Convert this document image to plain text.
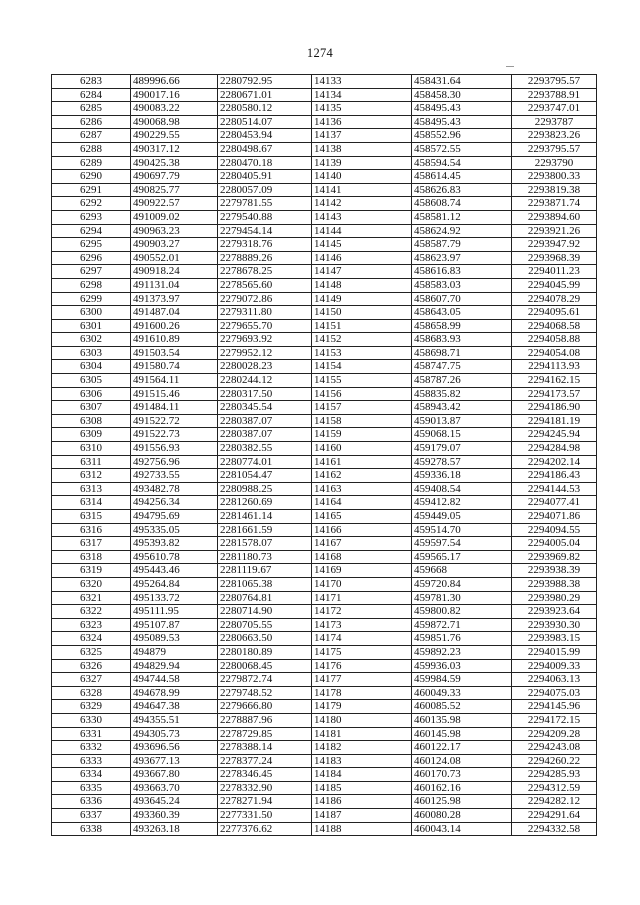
1274
6283	489996.66	2280792.95	14133	458431.64	2293795.57
6284	490017.16	2280671.01	14134	458458.30	2293788.91
6285	490083.22	2280580.12	14135	458495.43	2293747.01
6286	490068.98	2280514.07	14136	458495.43	2293787
6287	490229.55	2280453.94	14137	458552.96	2293823.26
6288	490317.12	2280498.67	14138	458572.55	2293795.57
6289	490425.38	2280470.18	14139	458594.54	2293790
6290	490697.79	2280405.91	14140	458614.45	2293800.33
6291	490825.77	2280057.09	14141	458626.83	2293819.38
6292	490922.57	2279781.55	14142	458608.74	2293871.74
6293	491009.02	2279540.88	14143	458581.12	2293894.60
6294	490963.23	2279454.14	14144	458624.92	2293921.26
6295	490903.27	2279318.76	14145	458587.79	2293947.92
6296	490552.01	2278889.26	14146	458623.97	2293968.39
6297	490918.24	2278678.25	14147	458616.83	2294011.23
6298	491131.04	2278565.60	14148	458583.03	2294045.99
6299	491373.97	2279072.86	14149	458607.70	2294078.29
6300	491487.04	2279311.80	14150	458643.05	2294095.61
6301	491600.26	2279655.70	14151	458658.99	2294068.58
6302	491610.89	2279693.92	14152	458683.93	2294058.88
6303	491503.54	2279952.12	14153	458698.71	2294054.08
6304	491580.74	2280028.23	14154	458747.75	2294113.93
6305	491564.11	2280244.12	14155	458787.26	2294162.15
6306	491515.46	2280317.50	14156	458835.82	2294173.57
6307	491484.11	2280345.54	14157	458943.42	2294186.90
6308	491522.72	2280387.07	14158	459013.87	2294181.19
6309	491522.73	2280387.07	14159	459068.15	2294245.94
6310	491556.93	2280382.55	14160	459179.07	2294284.98
6311	492756.96	2280774.01	14161	459278.57	2294202.14
6312	492733.55	2281054.47	14162	459336.18	2294186.43
6313	493482.78	2280988.25	14163	459408.54	2294144.53
6314	494256.34	2281260.69	14164	459412.82	2294077.41
6315	494795.69	2281461.14	14165	459449.05	2294071.86
6316	495335.05	2281661.59	14166	459514.70	2294094.55
6317	495393.82	2281578.07	14167	459597.54	2294005.04
6318	495610.78	2281180.73	14168	459565.17	2293969.82
6319	495443.46	2281119.67	14169	459668	2293938.39
6320	495264.84	2281065.38	14170	459720.84	2293988.38
6321	495133.72	2280764.81	14171	459781.30	2293980.29
6322	495111.95	2280714.90	14172	459800.82	2293923.64
6323	495107.87	2280705.55	14173	459872.71	2293930.30
6324	495089.53	2280663.50	14174	459851.76	2293983.15
6325	494879	2280180.89	14175	459892.23	2294015.99
6326	494829.94	2280068.45	14176	459936.03	2294009.33
6327	494744.58	2279872.74	14177	459984.59	2294063.13
6328	494678.99	2279748.52	14178	460049.33	2294075.03
6329	494647.38	2279666.80	14179	460085.52	2294145.96
6330	494355.51	2278887.96	14180	460135.98	2294172.15
6331	494305.73	2278729.85	14181	460145.98	2294209.28
6332	493696.56	2278388.14	14182	460122.17	2294243.08
6333	493677.13	2278377.24	14183	460124.08	2294260.22
6334	493667.80	2278346.45	14184	460170.73	2294285.93
6335	493663.70	2278332.90	14185	460162.16	2294312.59
6336	493645.24	2278271.94	14186	460125.98	2294282.12
6337	493360.39	2277331.50	14187	460080.28	2294291.64
6338	493263.18	2277376.62	14188	460043.14	2294332.58
